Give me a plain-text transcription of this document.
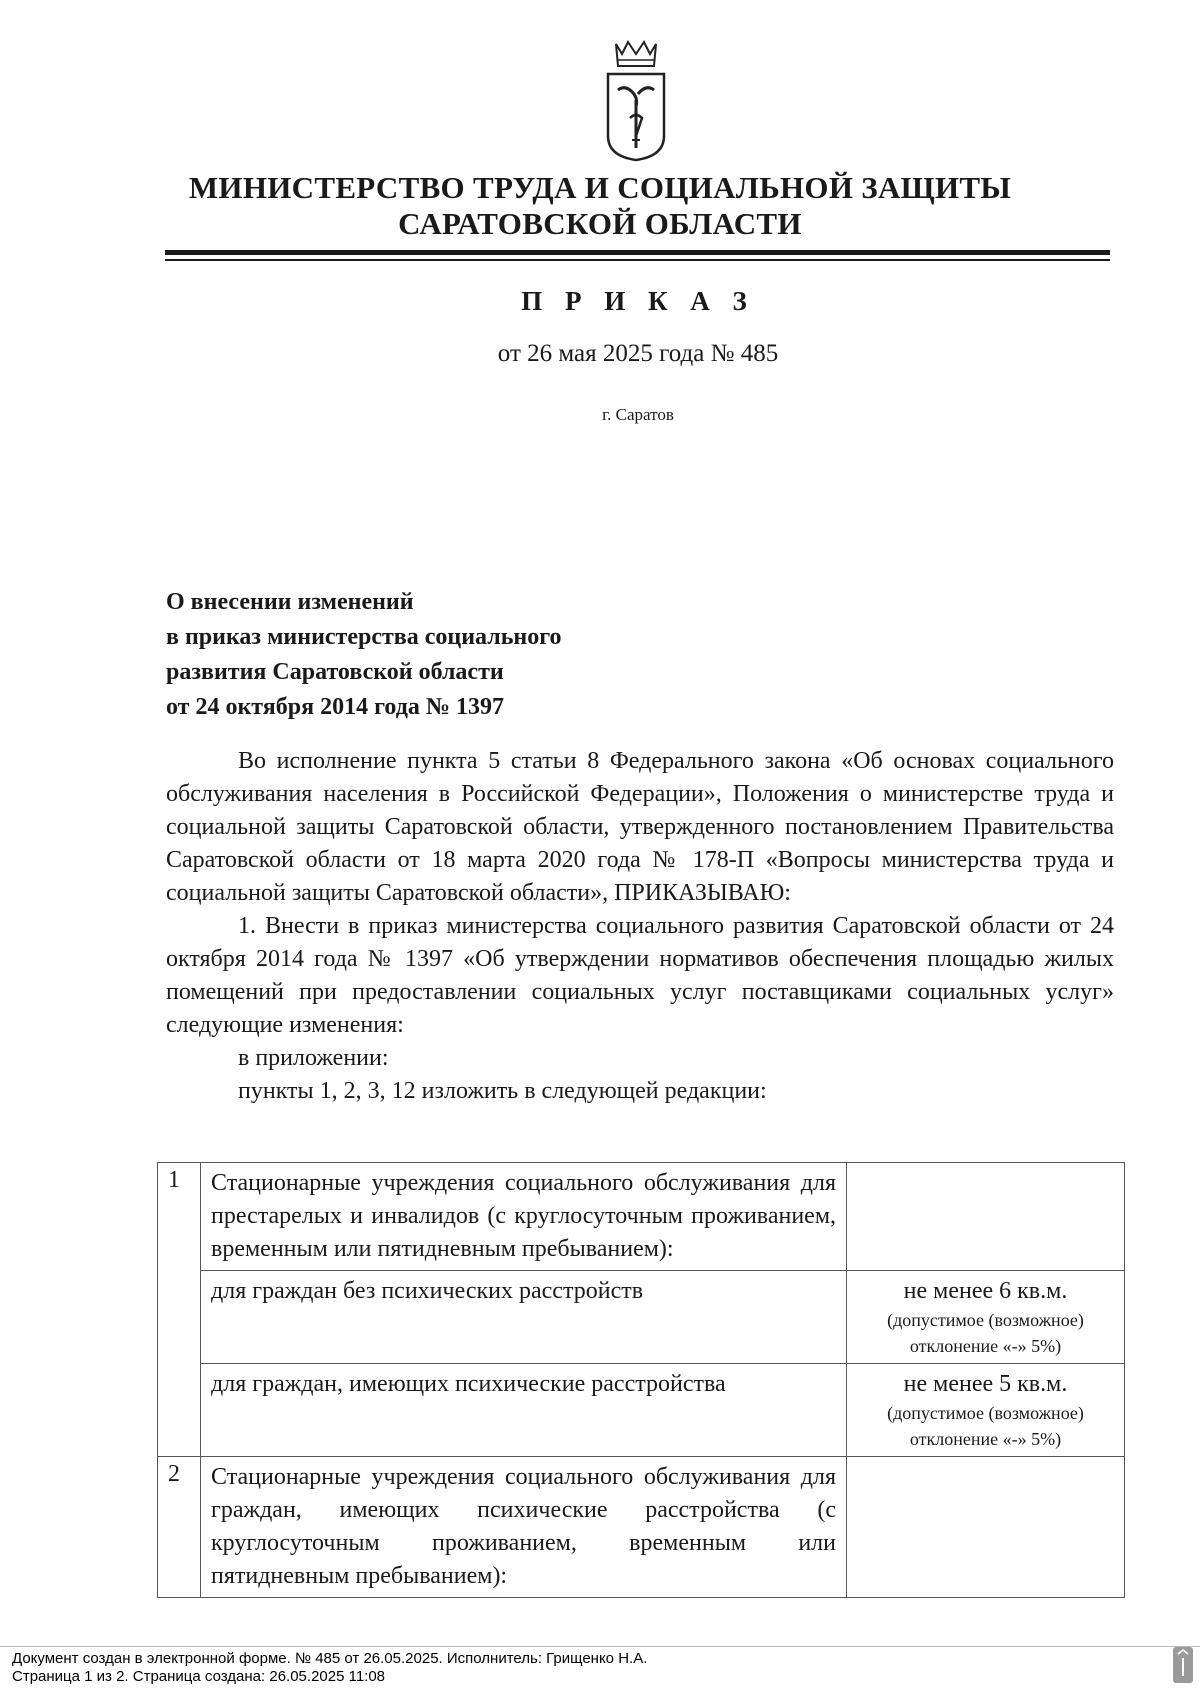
МИНИСТЕРСТВО ТРУДА И СОЦИАЛЬНОЙ ЗАЩИТЫ
САРАТОВСКОЙ ОБЛАСТИ
П Р И К А З
от 26 мая 2025 года № 485
г. Саратов
О внесении изменений
в приказ министерства социального
развития Саратовской области
от 24 октября 2014 года № 1397

Во исполнение пункта 5 статьи 8 Федерального закона «Об основах социального обслуживания населения в Российской Федерации», Положения о министерстве труда и социальной защиты Саратовской области, утвержденного постановлением Правительства Саратовской области от 18 марта 2020 года № 178-П «Вопросы министерства труда и социальной защиты Саратовской области», ПРИКАЗЫВАЮ:

1. Внести в приказ министерства социального развития Саратовской области от 24 октября 2014 года № 1397 «Об утверждении нормативов обеспечения площадью жилых помещений при предоставлении социальных услуг поставщиками социальных услуг» следующие изменения:

в приложении:

пункты 1, 2, 3, 12 изложить в следующей редакции:

1	Стационарные учреждения социального обслуживания для престарелых и инвалидов (с круглосуточным проживанием, временным или пятидневным пребыванием):	
	для граждан без психических расстройств	не менее 6 кв.м.
(допустимое (возможное) отклонение «-» 5%)

	для граждан, имеющих психические расстройства	не менее 5 кв.м.
(допустимое (возможное) отклонение «-» 5%)

2	Стационарные учреждения социального обслуживания для граждан, имеющих психические расстройства (с круглосуточным проживанием, временным или пятидневным пребыванием):	
Документ создан в электронной форме. № 485 от 26.05.2025. Исполнитель: Грищенко Н.А.
Страница 1 из 2. Страница создана: 26.05.2025 11:08
